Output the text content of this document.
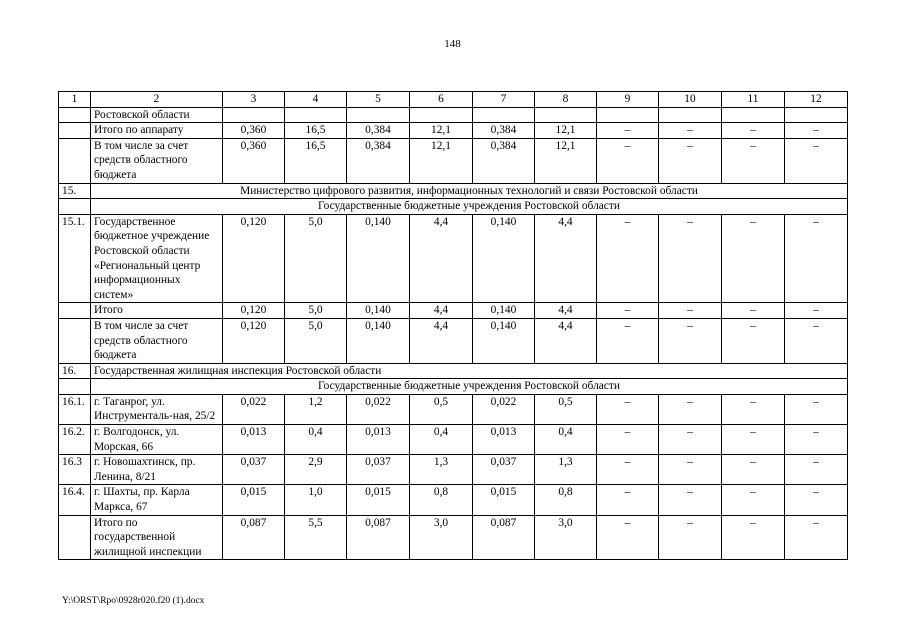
148
1	2	3	4	5	6	7	8	9	10	11	12
	Ростовской области										
	Итого по аппарату	0,360	16,5	0,384	12,1	0,384	12,1	–	–	–	–
	В том числе за счет средств областного бюджета	0,360	16,5	0,384	12,1	0,384	12,1	–	–	–	–
15.	Министерство цифрового развития, информационных технологий и связи Ростовской области										
	Государственные бюджетные учреждения Ростовской области										
15.1.	Государственное бюджетное учреждение Ростовской области «Региональный центр информационных систем»	0,120	5,0	0,140	4,4	0,140	4,4	–	–	–	–
	Итого	0,120	5,0	0,140	4,4	0,140	4,4	–	–	–	–
	В том числе за счет средств областного бюджета	0,120	5,0	0,140	4,4	0,140	4,4	–	–	–	–
16.	Государственная жилищная инспекция Ростовской области										
	Государственные бюджетные учреждения Ростовской области										
16.1.	г. Таганрог, ул. Инструменталь-ная, 25/2	0,022	1,2	0,022	0,5	0,022	0,5	–	–	–	–
16.2.	г. Волгодонск, ул. Морская, 66	0,013	0,4	0,013	0,4	0,013	0,4	–	–	–	–
16.3	г. Новошахтинск, пр. Ленина, 8/21	0,037	2,9	0,037	1,3	0,037	1,3	–	–	–	–
16.4.	г. Шахты, пр. Карла Маркса, 67	0,015	1,0	0,015	0,8	0,015	0,8	–	–	–	–
	Итого по государственной жилищной инспекции	0,087	5,5	0,087	3,0	0,087	3,0	–	–	–	–
Y:\ORST\Rpo\0928r020.f20 (1).docx
